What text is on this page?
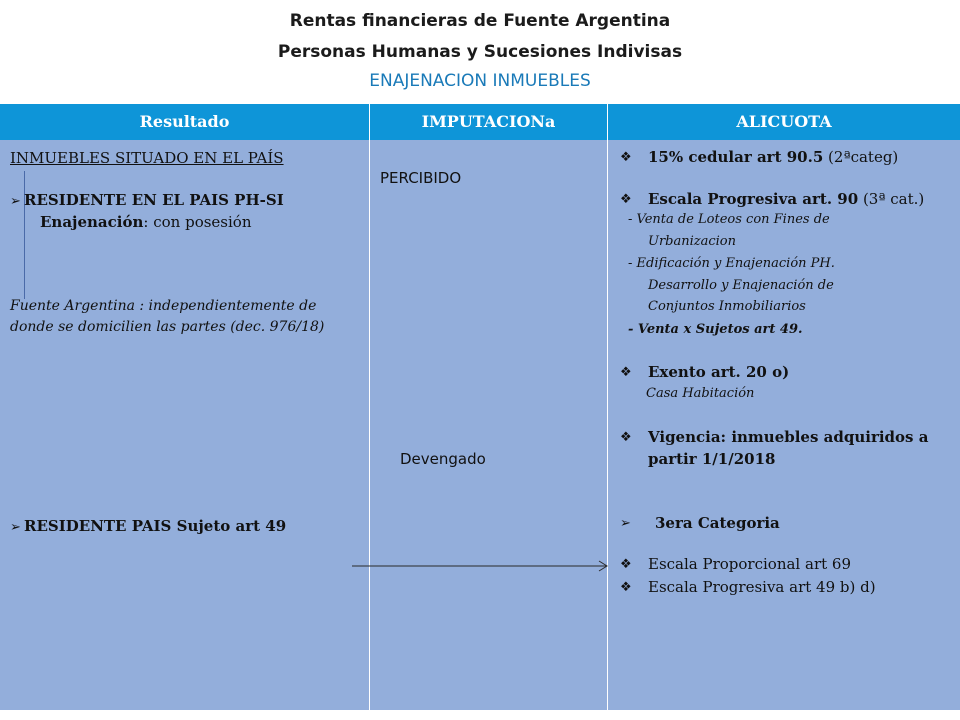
Rentas financieras de Fuente Argentina
Personas Humanas y Sucesiones Indivisas
ENAJENACION INMUEBLES
Resultado	IMPUTACIONa	ALICUOTA
INMUEBLES SITUADO EN EL PAÍS
➢ RESIDENTE EN EL PAIS PH-SI
Enajenación: con posesión
Fuente Argentina : independientemente de
donde se domicilien las partes (dec. 976/18)
➢ RESIDENTE PAIS Sujeto art 49
PERCIBIDO
Devengado
❖ 15% cedular art 90.5 (2ªcateg)
❖ Escala Progresiva art. 90 (3ª cat.)
- Venta de Loteos con Fines de
Urbanizacion
- Edificación y Enajenación PH.
Desarrollo y Enajenación de
Conjuntos Inmobiliarios
- Venta x Sujetos art 49.
❖ Exento art. 20 o)
Casa Habitación
❖ Vigencia: inmuebles adquiridos a
partir 1/1/2018
➢ 3era Categoria
❖ Escala Proporcional art 69
❖ Escala Progresiva art 49 b) d)
